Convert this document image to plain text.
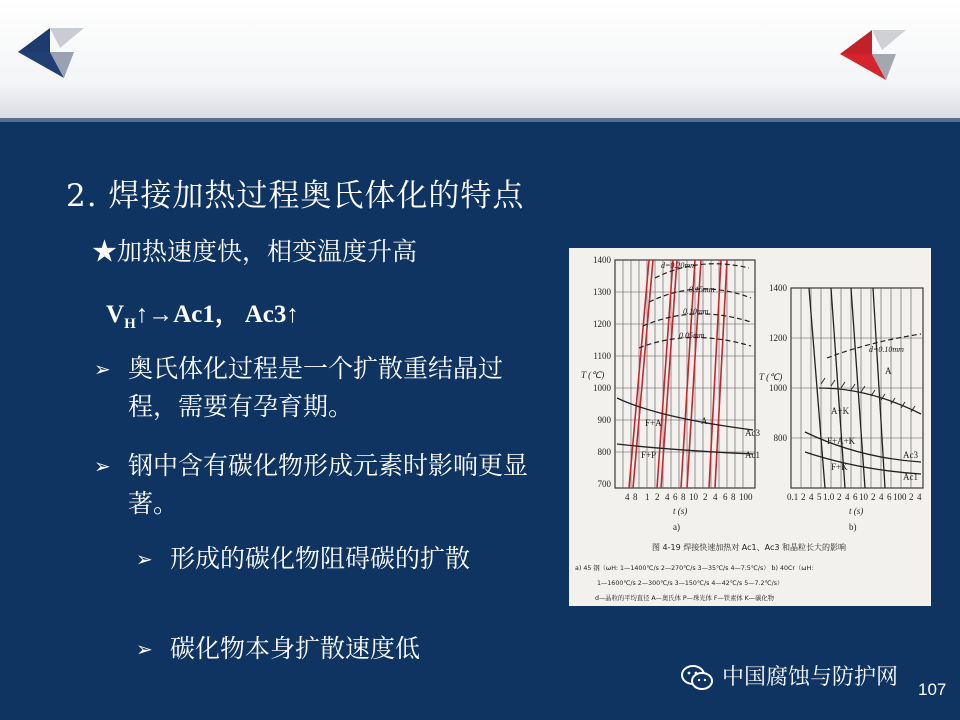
2. 焊接加热过程奥氏体化的特点
★加热速度快，相变温度升高
$V_H↑\to Ac1$， Ac3↑
➢ 奥氏体化过程是一个扩散重结晶过程，需要有孕育期。
➢ 钢中含有碳化物形成元素时影响更显著。
➢ 形成的碳化物阻碍碳的扩散
➢ 碳化物本身扩散速度低
1400
1300
1200
1100
1000
900
800
700
T (℃)
4 8 1 2 4 6 8 10 2 4 6 8 100
t (s)
a)
d=0.20mm
0.15mm
0.10mm
0.05mm
A
F+A
F+P
Ac3
Ac1
1400
1200
1000
800
T (℃)
0.1 2 4 5 1.0 2 4 6 10 2 4 6 100 2 4
t (s)
b)
d=0.10mm
A
A+K
F+A+K
F+K
Ac3
Ac1
图 4-19 焊接快速加热对 Ac1、Ac3 和晶粒长大的影响
a) 45 钢（ωH: 1—1400℃/s 2—270℃/s 3—35℃/s 4—7.5℃/s） b) 40Cr（ωH:
1—1600℃/s 2—300℃/s 3—150℃/s 4—42℃/s 5—7.2℃/s）
d—晶粒的平均直径 A—奥氏体 P—珠光体 F—铁素体 K—碳化物
中国腐蚀与防护网 107
